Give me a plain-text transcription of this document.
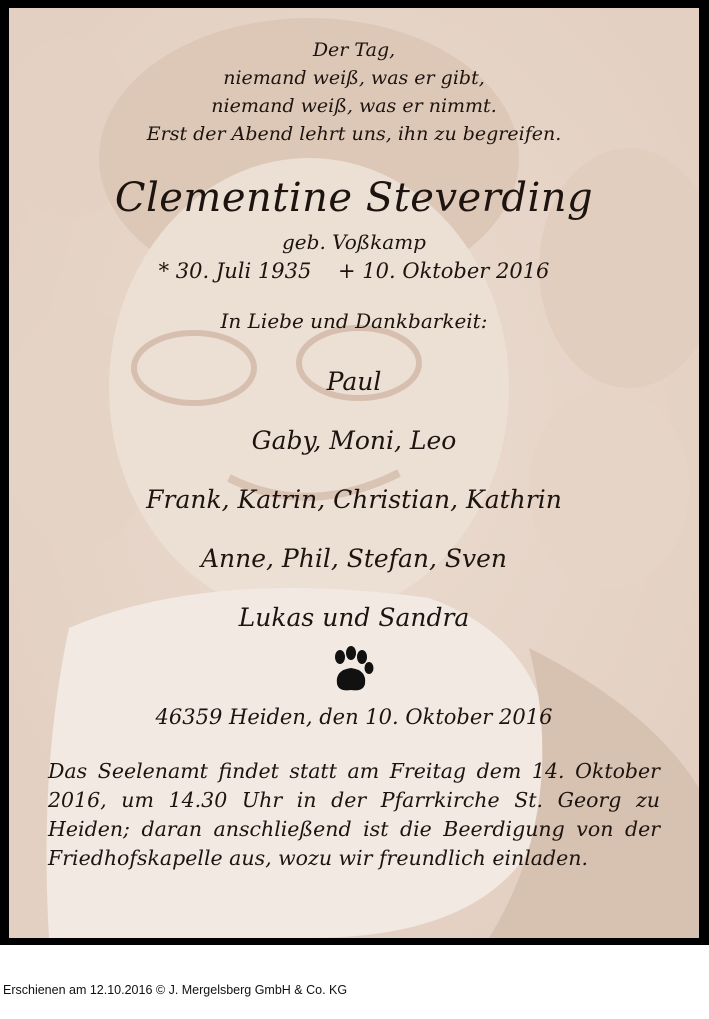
Der Tag,
niemand weiß, was er gibt,
niemand weiß, was er nimmt.
Erst der Abend lehrt uns, ihn zu begreifen.
Clementine Steverding
geb. Voßkamp
* 30. Juli 1935 + 10. Oktober 2016
In Liebe und Dankbarkeit:
Paul
Gaby, Moni, Leo
Frank, Katrin, Christian, Kathrin
Anne, Phil, Stefan, Sven
Lukas und Sandra
46359 Heiden, den 10. Oktober 2016
Das Seelenamt findet statt am Freitag dem 14. Oktober 2016, um 14.30 Uhr in der Pfarrkirche St. Georg zu Heiden; daran anschließend ist die Beerdigung von der Friedhofskapelle aus, wozu wir freundlich einladen.
Erschienen am 12.10.2016 © J. Mergelsberg GmbH & Co. KG
